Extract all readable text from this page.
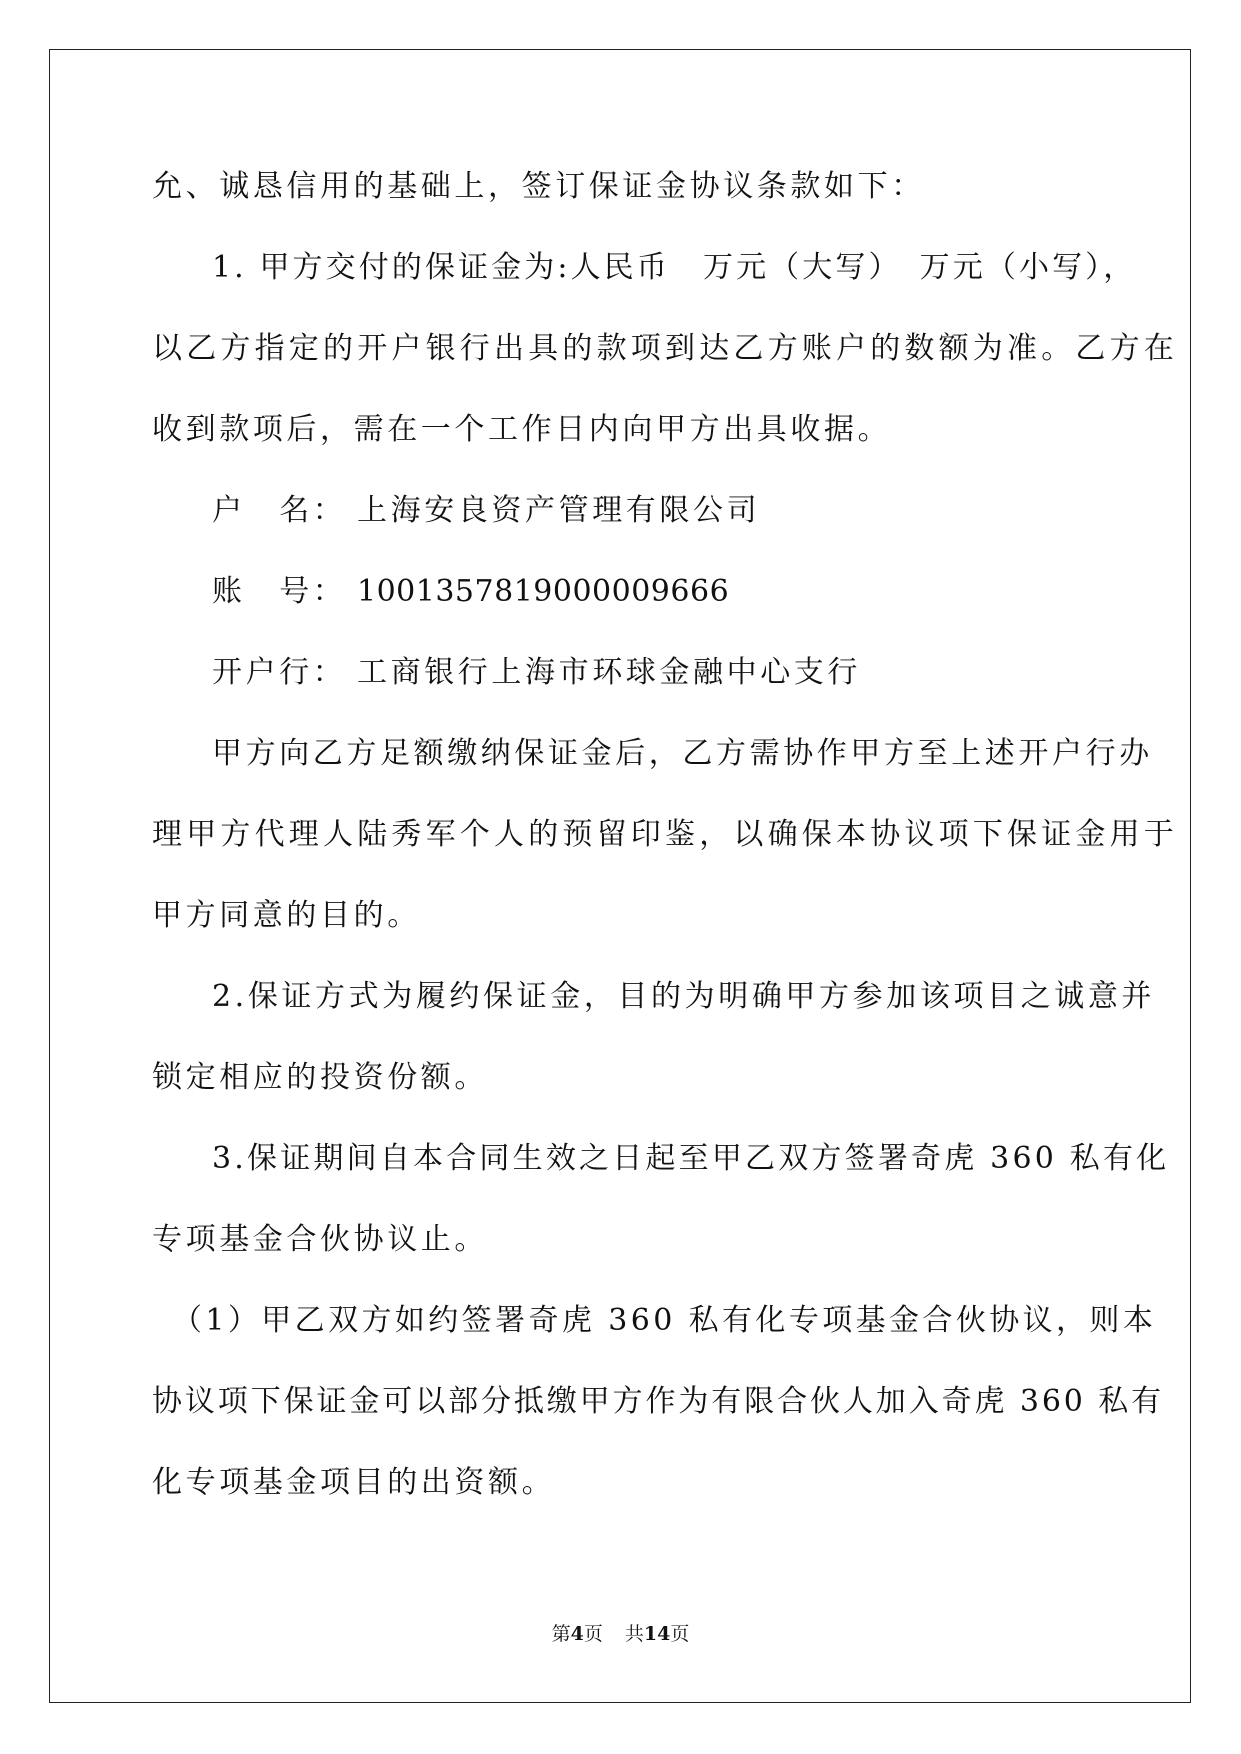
允、诚恳信用的基础上，签订保证金协议条款如下：

1. 甲方交付的保证金为:人民币　万元（大写）　万元（小写），

以乙方指定的开户银行出具的款项到达乙方账户的数额为准。乙方在

收到款项后，需在一个工作日内向甲方出具收据。

户　名： 上海安良资产管理有限公司

账　号： 1001357819000009666

开户行： 工商银行上海市环球金融中心支行

甲方向乙方足额缴纳保证金后，乙方需协作甲方至上述开户行办

理甲方代理人陆秀军个人的预留印鉴，以确保本协议项下保证金用于

甲方同意的目的。

2.保证方式为履约保证金，目的为明确甲方参加该项目之诚意并

锁定相应的投资份额。

3.保证期间自本合同生效之日起至甲乙双方签署奇虎 360 私有化

专项基金合伙协议止。

（1）甲乙双方如约签署奇虎 360 私有化专项基金合伙协议，则本

协议项下保证金可以部分抵缴甲方作为有限合伙人加入奇虎 360 私有

化专项基金项目的出资额。

第4页 共14页
